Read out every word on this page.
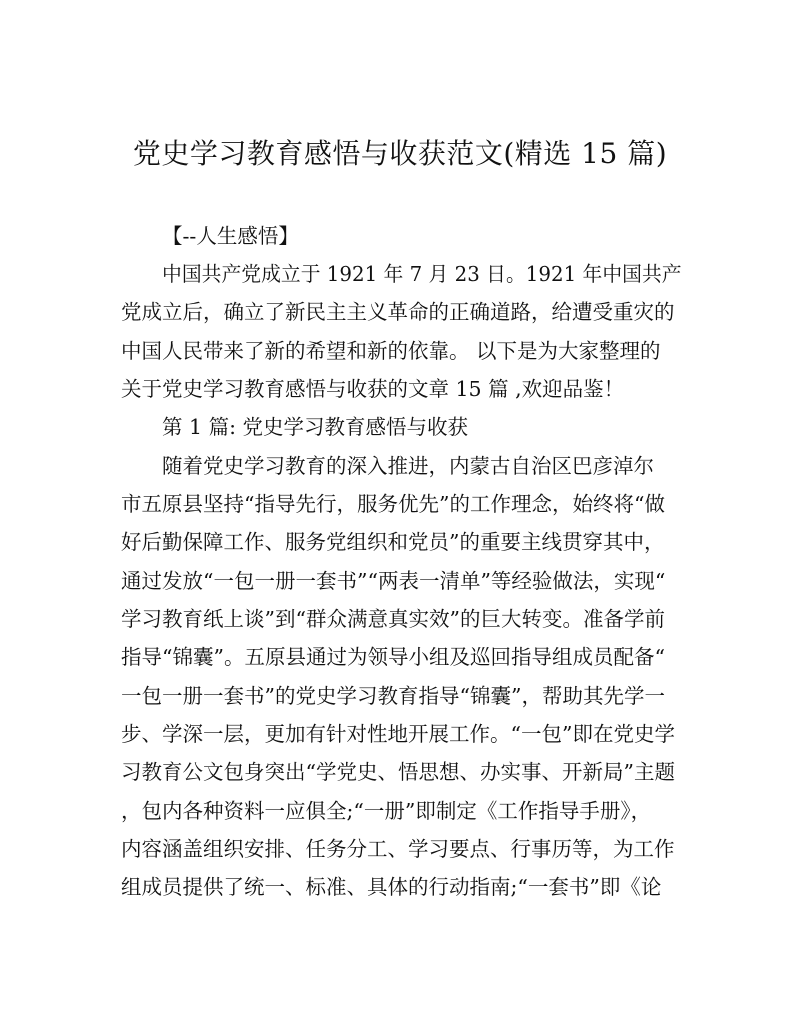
党史学习教育感悟与收获范文(精选 15 篇)
【--人生感悟】
中国共产党成立于 1921 年 7 月 23 日。1921 年中国共产
党成立后，确立了新民主主义革命的正确道路，给遭受重灾的
中国人民带来了新的希望和新的依靠。 以下是为大家整理的
关于党史学习教育感悟与收获的文章 15 篇 ,欢迎品鉴！
第 1 篇: 党史学习教育感悟与收获
随着党史学习教育的深入推进，内蒙古自治区巴彦淖尔
市五原县坚持“指导先行，服务优先”的工作理念，始终将“做
好后勤保障工作、服务党组织和党员”的重要主线贯穿其中，
通过发放“一包一册一套书”“两表一清单”等经验做法，实现“
学习教育纸上谈”到“群众满意真实效”的巨大转变。准备学前
指导“锦囊”。五原县通过为领导小组及巡回指导组成员配备“
一包一册一套书”的党史学习教育指导“锦囊”，帮助其先学一
步、学深一层，更加有针对性地开展工作。“一包”即在党史学
习教育公文包身突出“学党史、悟思想、办实事、开新局”主题
，包内各种资料一应俱全;“一册”即制定《工作指导手册》，
内容涵盖组织安排、任务分工、学习要点、行事历等，为工作
组成员提供了统一、标准、具体的行动指南;“一套书”即《论
